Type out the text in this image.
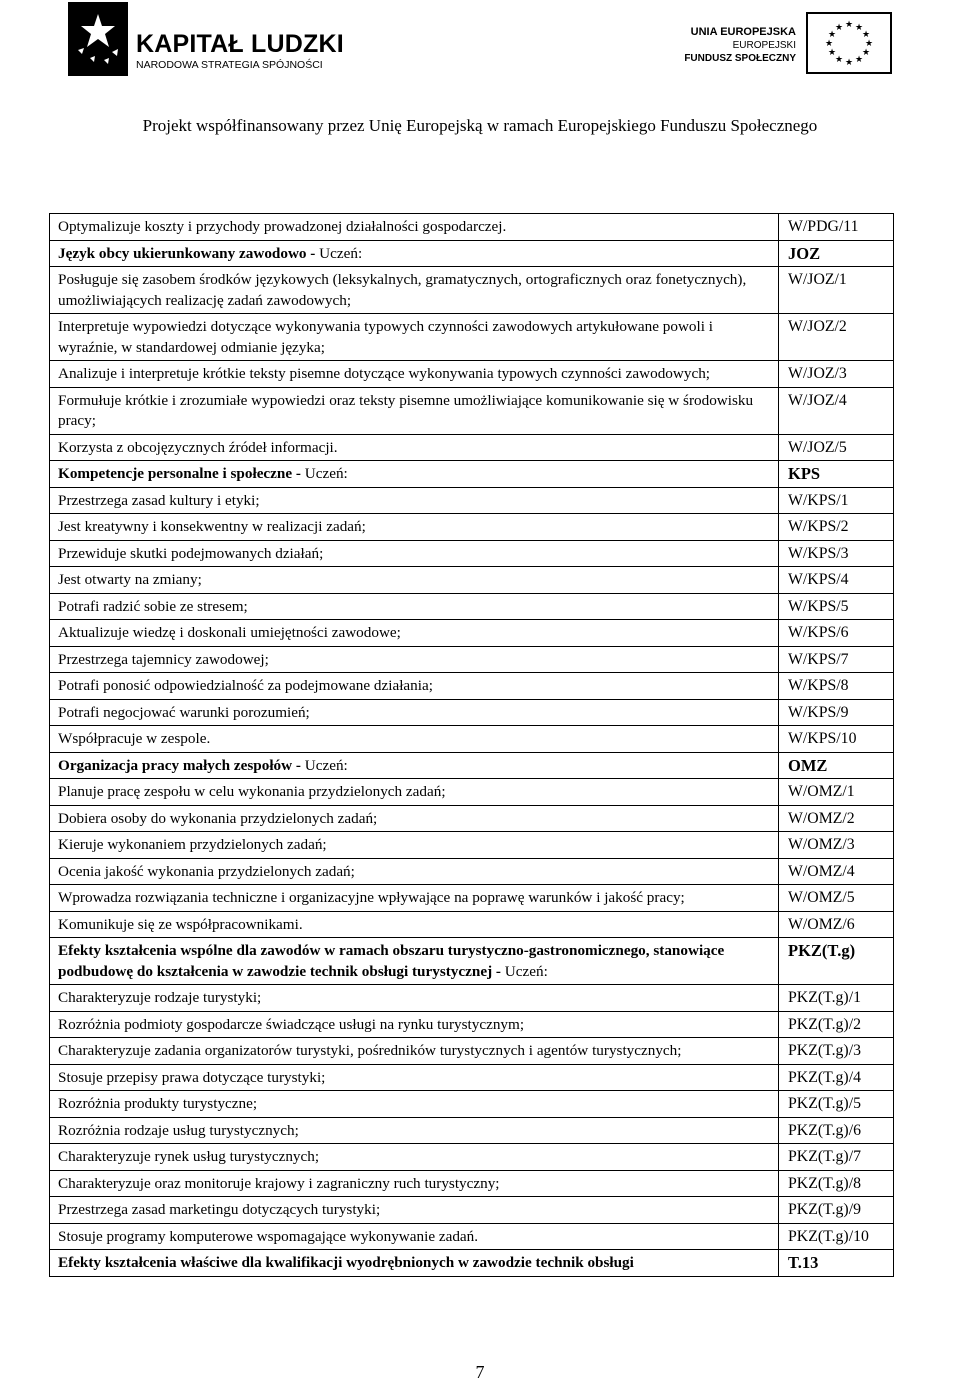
KAPITAŁ LUDZKI
NARODOWA STRATEGIA SPÓJNOŚCI
UNIA EUROPEJSKA
EUROPEJSKI
FUNDUSZ SPOŁECZNY
★ ★
★
★
★
★
★
★
★
★
★
★
Projekt współfinansowany przez Unię Europejską w ramach Europejskiego Funduszu Społecznego
Optymalizuje koszty i przychody prowadzonej działalności gospodarczej.	W/PDG/11
Język obcy ukierunkowany zawodowo - Uczeń:	JOZ
Posługuje się zasobem środków językowych (leksykalnych, gramatycznych, ortograficznych oraz fonetycznych), umożliwiających realizację zadań zawodowych;	W/JOZ/1
Interpretuje wypowiedzi dotyczące wykonywania typowych czynności zawodowych artykułowane powoli i wyraźnie, w standardowej odmianie języka;	W/JOZ/2
Analizuje i interpretuje krótkie teksty pisemne dotyczące wykonywania typowych czynności zawodowych;	W/JOZ/3
Formułuje krótkie i zrozumiałe wypowiedzi oraz teksty pisemne umożliwiające komunikowanie się w środowisku pracy;	W/JOZ/4
Korzysta z obcojęzycznych źródeł informacji.	W/JOZ/5
Kompetencje personalne i społeczne - Uczeń:	KPS
Przestrzega zasad kultury i etyki;	W/KPS/1
Jest kreatywny i konsekwentny w realizacji zadań;	W/KPS/2
Przewiduje skutki podejmowanych działań;	W/KPS/3
Jest otwarty na zmiany;	W/KPS/4
Potrafi radzić sobie ze stresem;	W/KPS/5
Aktualizuje wiedzę i doskonali umiejętności zawodowe;	W/KPS/6
Przestrzega tajemnicy zawodowej;	W/KPS/7
Potrafi ponosić odpowiedzialność za podejmowane działania;	W/KPS/8
Potrafi negocjować warunki porozumień;	W/KPS/9
Współpracuje w zespole.	W/KPS/10
Organizacja pracy małych zespołów - Uczeń:	OMZ
Planuje pracę zespołu w celu wykonania przydzielonych zadań;	W/OMZ/1
Dobiera osoby do wykonania przydzielonych zadań;	W/OMZ/2
Kieruje wykonaniem przydzielonych zadań;	W/OMZ/3
Ocenia jakość wykonania przydzielonych zadań;	W/OMZ/4
Wprowadza rozwiązania techniczne i organizacyjne wpływające na poprawę warunków i jakość pracy;	W/OMZ/5
Komunikuje się ze współpracownikami.	W/OMZ/6
Efekty kształcenia wspólne dla zawodów w ramach obszaru turystyczno-gastronomicznego, stanowiące podbudowę do kształcenia w zawodzie technik obsługi turystycznej - Uczeń:	PKZ(T.g)
Charakteryzuje rodzaje turystyki;	PKZ(T.g)/1
Rozróżnia podmioty gospodarcze świadczące usługi na rynku turystycznym;	PKZ(T.g)/2
Charakteryzuje zadania organizatorów turystyki, pośredników turystycznych i agentów turystycznych;	PKZ(T.g)/3
Stosuje przepisy prawa dotyczące turystyki;	PKZ(T.g)/4
Rozróżnia produkty turystyczne;	PKZ(T.g)/5
Rozróżnia rodzaje usług turystycznych;	PKZ(T.g)/6
Charakteryzuje rynek usług turystycznych;	PKZ(T.g)/7
Charakteryzuje oraz monitoruje krajowy i zagraniczny ruch turystyczny;	PKZ(T.g)/8
Przestrzega zasad marketingu dotyczących turystyki;	PKZ(T.g)/9
Stosuje programy komputerowe wspomagające wykonywanie zadań.	PKZ(T.g)/10
Efekty kształcenia właściwe dla kwalifikacji wyodrębnionych w zawodzie technik obsługi	T.13
7
